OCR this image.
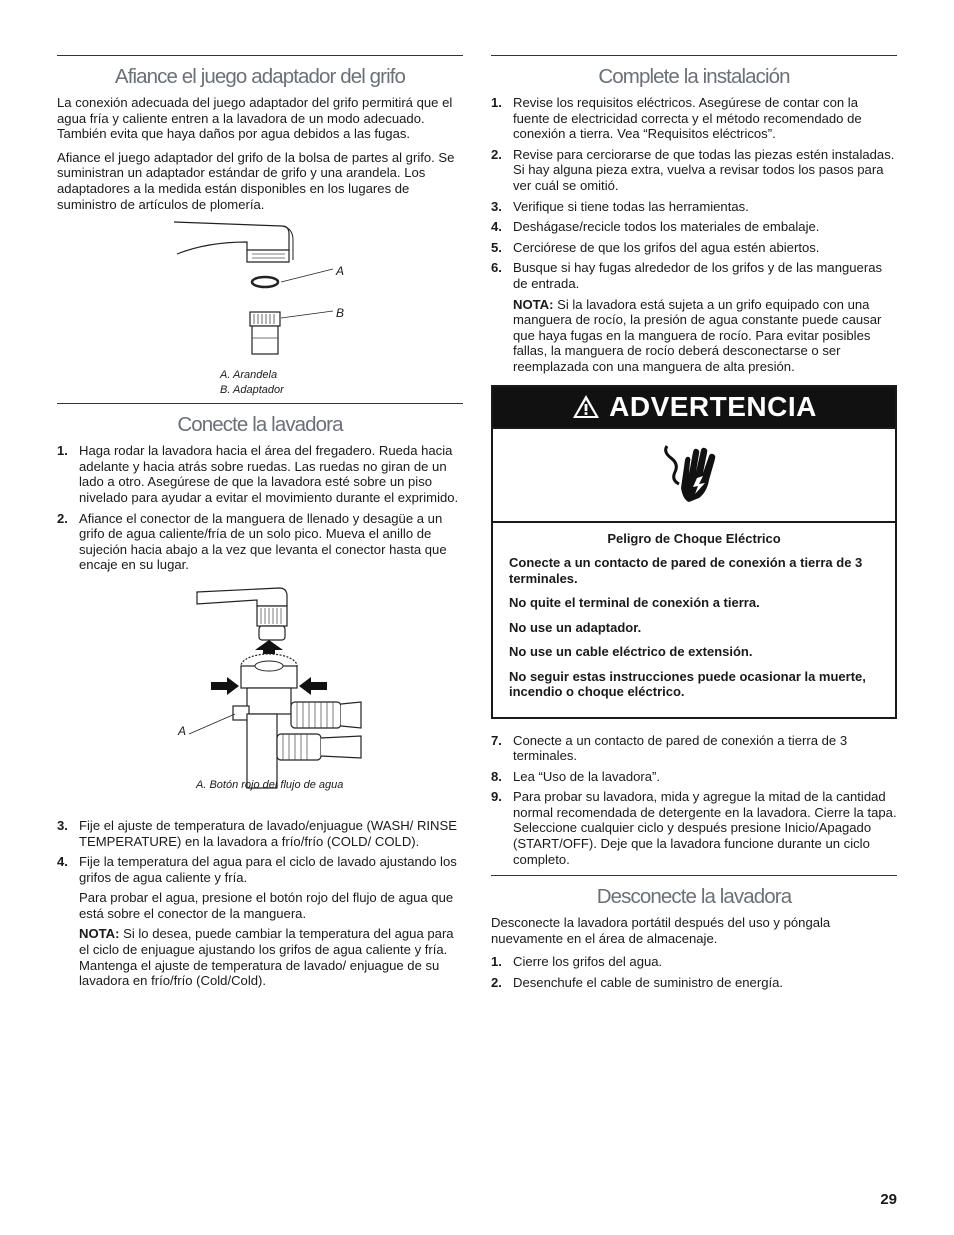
Afiance el juego adaptador del grifo

La conexión adecuada del juego adaptador del grifo permitirá que el agua fría y caliente entren a la lavadora de un modo adecuado. También evita que haya daños por agua debidos a las fugas.

Afiance el juego adaptador del grifo de la bolsa de partes al grifo. Se suministran un adaptador estándar de grifo y una arandela. Los adaptadores a la medida están disponibles en los lugares de suministro de artículos de plomería.

A
B
A. Arandela
B. Adaptador
Conecte la lavadora
1. Haga rodar la lavadora hacia el área del fregadero. Rueda hacia adelante y hacia atrás sobre ruedas. Las ruedas no giran de un lado a otro. Asegúrese de que la lavadora esté sobre un piso nivelado para ayudar a evitar el movimiento durante el exprimido.

2. Afiance el conector de la manguera de llenado y desagüe a un grifo de agua caliente/fría de un solo pico. Mueva el anillo de sujeción hacia abajo a la vez que levanta el conector hasta que encaje en su lugar.

A
A. Botón rojo del flujo de agua
3. Fije el ajuste de temperatura de lavado/enjuague (WASH/ RINSE TEMPERATURE) en la lavadora a frío/frío (COLD/ COLD).

4. Fije la temperatura del agua para el ciclo de lavado ajustando los grifos de agua caliente y fría.

Para probar el agua, presione el botón rojo del flujo de agua que está sobre el conector de la manguera.

NOTA: Si lo desea, puede cambiar la temperatura del agua para el ciclo de enjuague ajustando los grifos de agua caliente y fría. Mantenga el ajuste de temperatura de lavado/ enjuague de su lavadora en frío/frío (Cold/Cold).

Complete la instalación
1. Revise los requisitos eléctricos. Asegúrese de contar con la fuente de electricidad correcta y el método recomendado de conexión a tierra. Vea “Requisitos eléctricos”.

2. Revise para cerciorarse de que todas las piezas estén instaladas. Si hay alguna pieza extra, vuelva a revisar todos los pasos para ver cuál se omitió.

3. Verifique si tiene todas las herramientas.

4. Deshágase/recicle todos los materiales de embalaje.

5. Cerciórese de que los grifos del agua estén abiertos.

6. Busque si hay fugas alrededor de los grifos y de las mangueras de entrada.

NOTA: Si la lavadora está sujeta a un grifo equipado con una manguera de rocío, la presión de agua constante puede causar que haya fugas en la manguera de rocío. Para evitar posibles fallas, la manguera de rocío deberá desconectarse o ser reemplazada con una manguera de alta presión.

ADVERTENCIA

Peligro de Choque Eléctrico

Conecte a un contacto de pared de conexión a tierra de 3 terminales.

No quite el terminal de conexión a tierra.

No use un adaptador.

No use un cable eléctrico de extensión.

No seguir estas instrucciones puede ocasionar la muerte, incendio o choque eléctrico.

7. Conecte a un contacto de pared de conexión a tierra de 3 terminales.

8. Lea “Uso de la lavadora”.

9. Para probar su lavadora, mida y agregue la mitad de la cantidad normal recomendada de detergente en la lavadora. Cierre la tapa. Seleccione cualquier ciclo y después presione Inicio/Apagado (START/OFF). Deje que la lavadora funcione durante un ciclo completo.

Desconecte la lavadora

Desconecte la lavadora portátil después del uso y póngala nuevamente en el área de almacenaje.

1. Cierre los grifos del agua.

2. Desenchufe el cable de suministro de energía.

29
